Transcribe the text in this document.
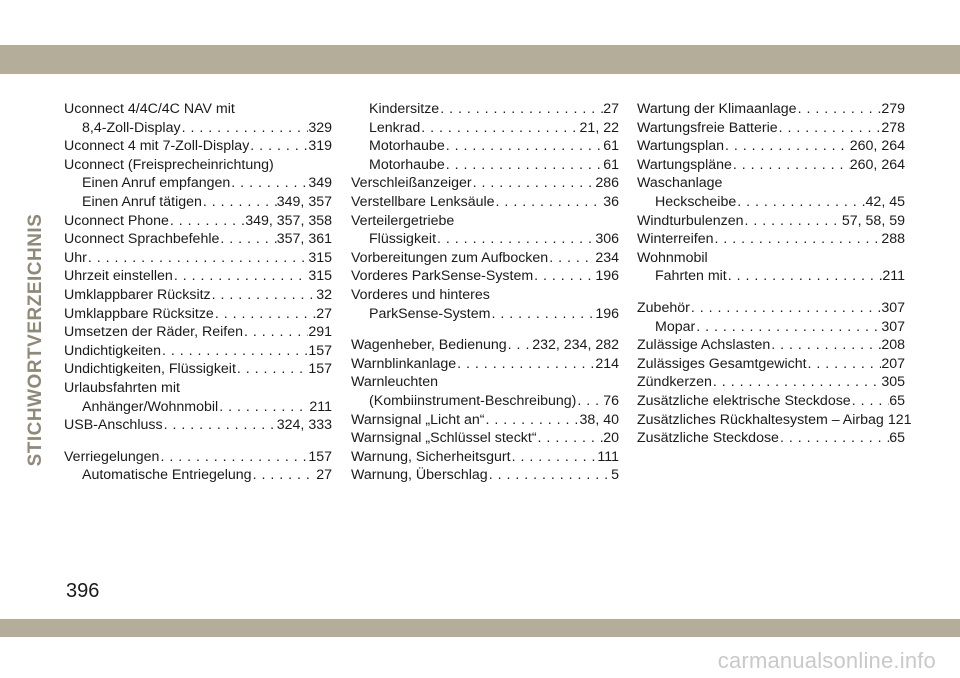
STICHWORTVERZEICHNIS
Uconnect 4/4C/4C NAV mit
8,4-Zoll-Display . . .	329
Uconnect 4 mit 7-Zoll-Display . . .	319
Uconnect (Freisprecheinrichtung)
Einen Anruf empfangen . . .	349
Einen Anruf tätigen . . .	349, 357
Uconnect Phone . . .	349, 357, 358
Uconnect Sprachbefehle . . .	357, 361
Uhr . . .	315
Uhrzeit einstellen . . .	315
Umklappbarer Rücksitz . . .	32
Umklappbare Rücksitze . . .	27
Umsetzen der Räder, Reifen . . .	291
Undichtigkeiten . . .	157
Undichtigkeiten, Flüssigkeit . . .	157
Urlaubsfahrten mit
Anhänger/Wohnmobil . . .	211
USB-Anschluss . . .	324, 333
Verriegelungen . . .	157
Automatische Entriegelung . . .	27
Kindersitze . . .	27
Lenkrad . . .	21, 22
Motorhaube . . .	61
Motorhaube . . .	61
Verschleißanzeiger . . .	286
Verstellbare Lenksäule . . .	36
Verteilergetriebe
Flüssigkeit . . .	306
Vorbereitungen zum Aufbocken . . .	234
Vorderes ParkSense-System . . .	196
Vorderes und hinteres
ParkSense-System . . .	196
Wagenheber, Bedienung . . . 232, 234, 282
Warnblinkanlage . . .	214
Warnleuchten
(Kombiinstrument-Beschreibung) . . . 76
Warnsignal „Licht an“ . . .	38, 40
Warnsignal „Schlüssel steckt“ . . .	20
Warnung, Sicherheitsgurt . . .	111
Warnung, Überschlag . . .	5
Wartung der Klimaanlage . . .	279
Wartungsfreie Batterie . . .	278
Wartungsplan . . .	260, 264
Wartungspläne . . .	260, 264
Waschanlage
Heckscheibe . . .	42, 45
Windturbulenzen . . .	57, 58, 59
Winterreifen . . .	288
Wohnmobil
Fahrten mit . . .	211
Zubehör . . .	307
Mopar . . .	307
Zulässige Achslasten . . .	208
Zulässiges Gesamtgewicht . . .	207
Zündkerzen . . .	305
Zusätzliche elektrische Steckdose . . .	65
Zusätzliches Rückhaltesystem – Airbag 121
Zusätzliche Steckdose . . .	65
396
carmanualsonline.info
